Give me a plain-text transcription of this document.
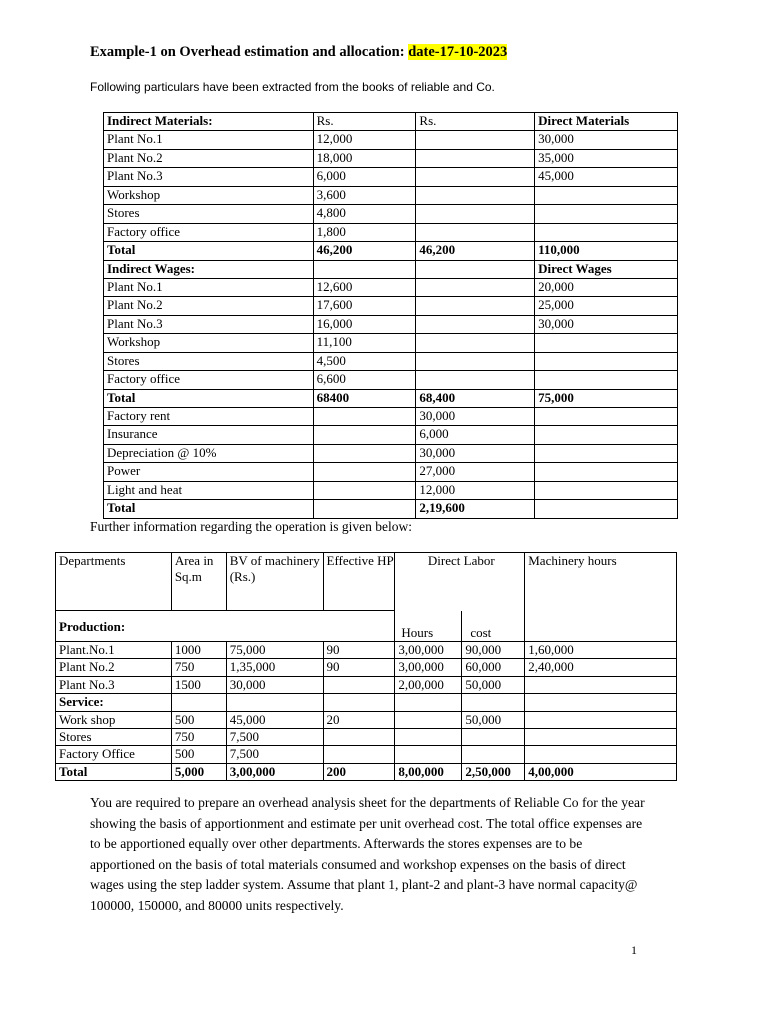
Example-1 on Overhead estimation and allocation: date-17-10-2023
Following particulars have been extracted from the books of reliable and Co.
Indirect Materials:	Rs.	Rs.	Direct Materials
Plant No.1	12,000		30,000
Plant No.2	18,000		35,000
Plant No.3	6,000		45,000
Workshop	3,600		
Stores	4,800		
Factory office	1,800		
Total	46,200	46,200	110,000
Indirect Wages:			Direct Wages
Plant No.1	12,600		20,000
Plant No.2	17,600		25,000
Plant No.3	16,000		30,000
Workshop	11,100		
Stores	4,500		
Factory office	6,600		
Total	68400	68,400	75,000
Factory rent		30,000	
Insurance		6,000	
Depreciation @ 10%		30,000	
Power		27,000	
Light and heat		12,000	
Total		2,19,600	
Further information regarding the operation is given below:
Departments	Area in Sq.m	BV of machinery (Rs.)	Effective HP	Direct Labor		Machinery hours
Production:				Hours	cost	
Plant.No.1	1000	75,000	90	3,00,000	90,000	1,60,000
Plant No.2	750	1,35,000	90	3,00,000	60,000	2,40,000
Plant No.3	1500	30,000		2,00,000	50,000	
Service:						
Work shop	500	45,000	20		50,000	
Stores	750	7,500				
Factory Office	500	7,500				
Total	5,000	3,00,000	200	8,00,000	2,50,000	4,00,000
You are required to prepare an overhead analysis sheet for the departments of Reliable Co for the year showing the basis of apportionment and estimate per unit overhead cost. The total office expenses are to be apportioned equally over other departments. Afterwards the stores expenses are to be apportioned on the basis of total materials consumed and workshop expenses on the basis of direct wages using the step ladder system. Assume that plant 1, plant-2 and plant-3 have normal capacity@ 100000, 150000, and 80000 units respectively.
1
